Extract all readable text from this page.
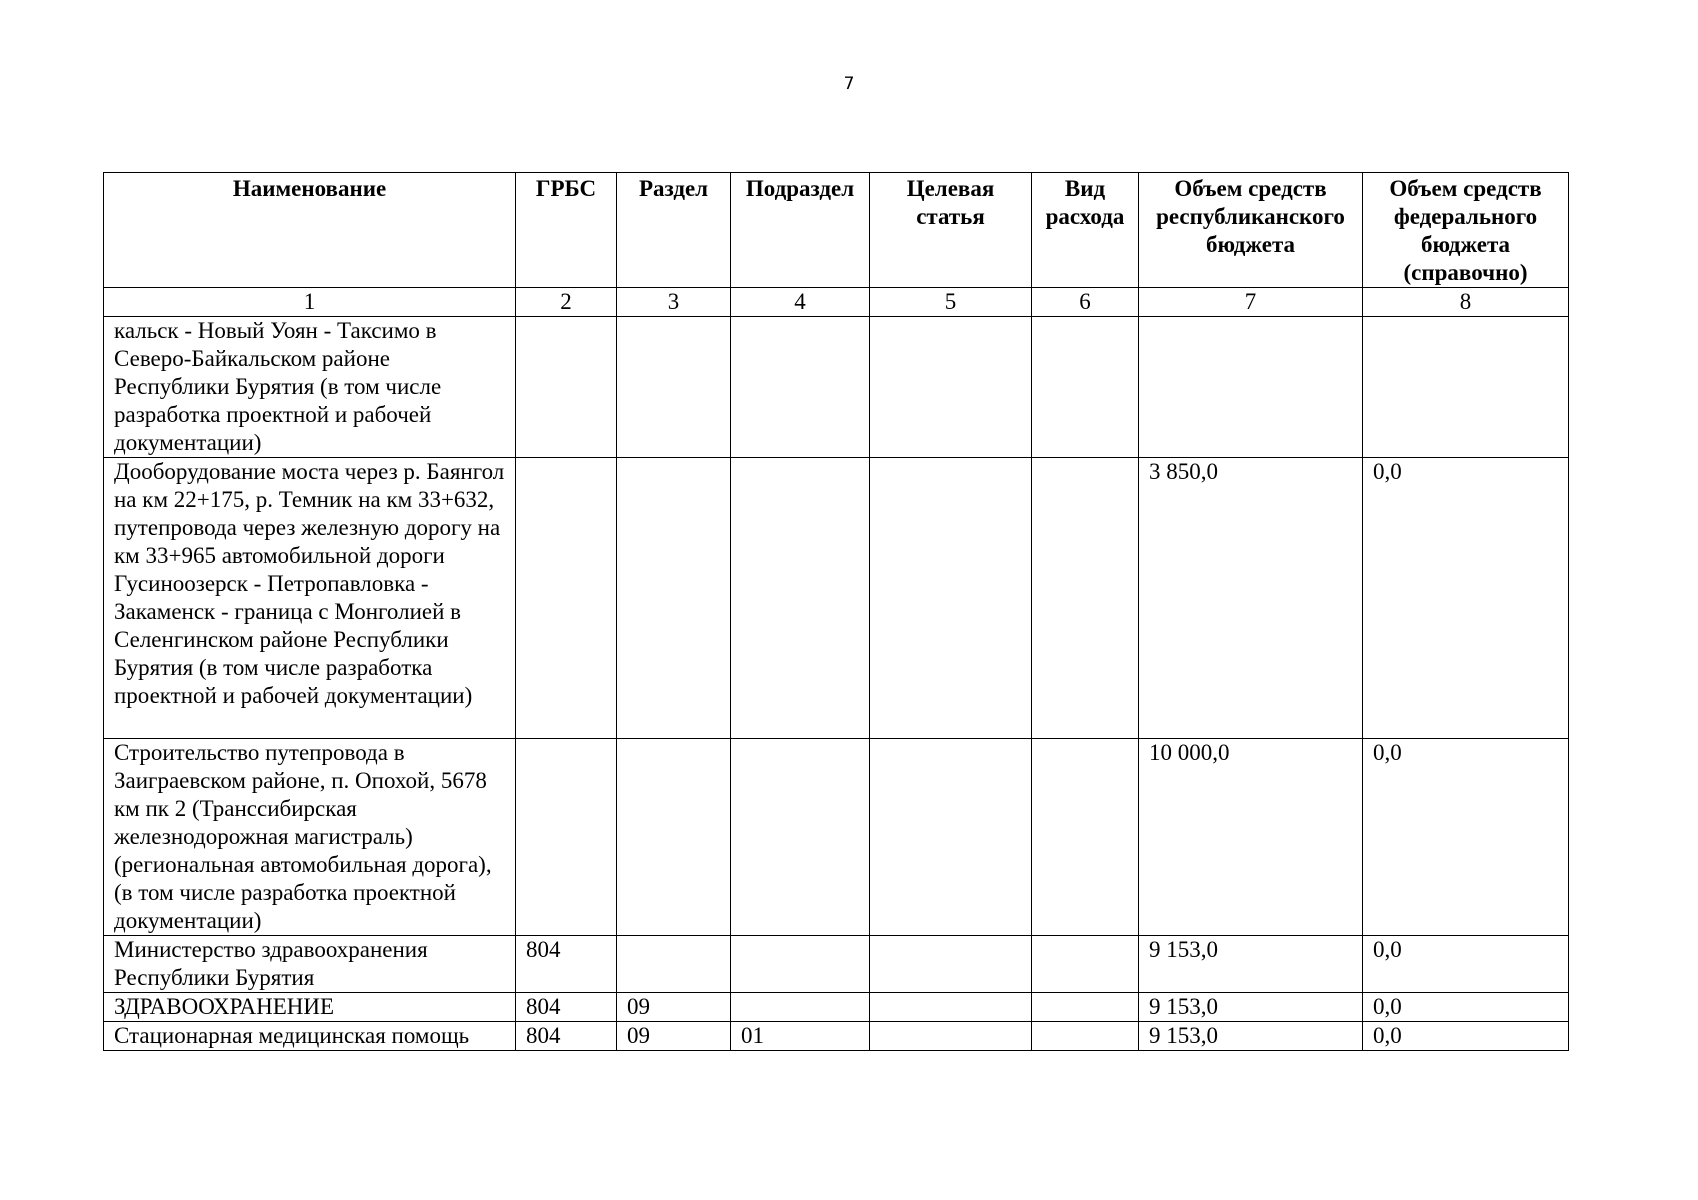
7
Наименование	ГРБС	Раздел	Подраздел	Целевая статья	Вид расхода	Объем средств республиканского бюджета	Объем средств федерального бюджета (справочно)
1	2	3	4	5	6	7	8
кальск - Новый Уоян - Таксимо в Северо-Байкальском районе Республики Бурятия (в том числе разработка проектной и рабочей документации)							
Дооборудование моста через р. Баянгол на км 22+175, р. Темник на км 33+632, путепровода через железную дорогу на км 33+965 автомобильной дороги Гусиноозерск - Петропавловка - Закаменск - граница с Монголией в Селенгинском районе Республики Бурятия (в том числе разработка проектной и рабочей документации)						3 850,0	0,0
Строительство путепровода в Заиграевском районе, п. Опохой, 5678 км пк 2 (Транссибирская железнодорожная магистраль) (региональная автомобильная дорога), (в том числе разработка проектной документации)						10 000,0	0,0
Министерство здравоохранения Республики Бурятия	804					9 153,0	0,0
ЗДРАВООХРАНЕНИЕ	804	09				9 153,0	0,0
Стационарная медицинская помощь	804	09	01			9 153,0	0,0
